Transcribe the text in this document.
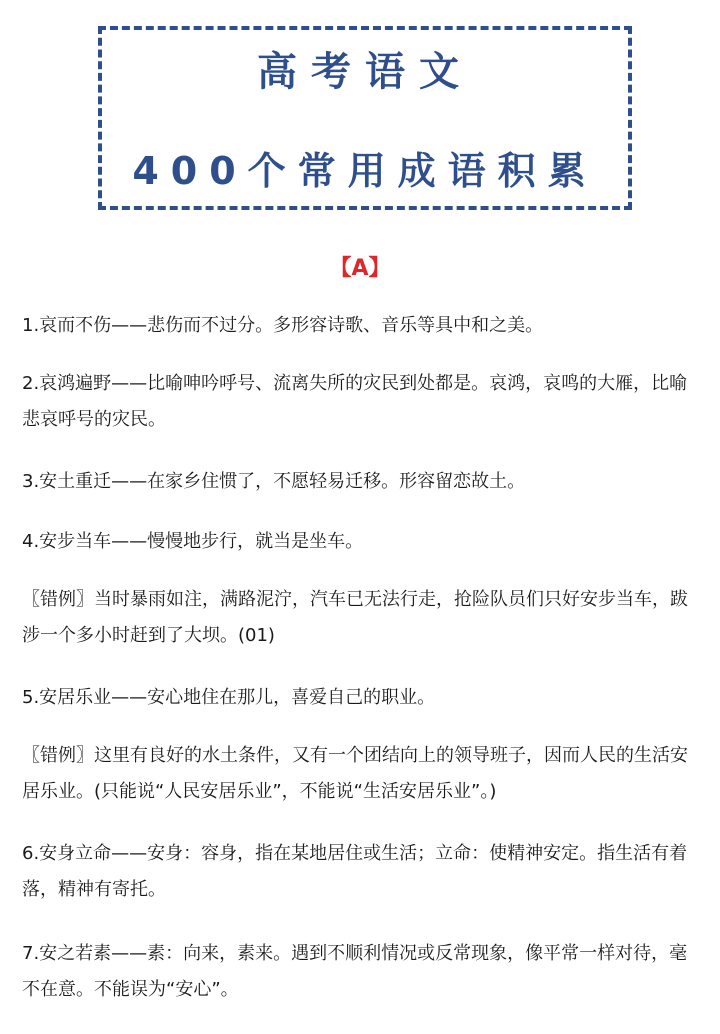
高考语文
400个常用成语积累
【A】

1.哀而不伤——悲伤而不过分。多形容诗歌、音乐等具中和之美。

2.哀鸿遍野——比喻呻吟呼号、流离失所的灾民到处都是。哀鸿，哀鸣的大雁，比喻悲哀呼号的灾民。

3.安土重迁——在家乡住惯了，不愿轻易迁移。形容留恋故土。

4.安步当车——慢慢地步行，就当是坐车。

〖错例〗当时暴雨如注，满路泥泞，汽车已无法行走，抢险队员们只好安步当车，跋涉一个多小时赶到了大坝。(01)

5.安居乐业——安心地住在那儿，喜爱自己的职业。

〖错例〗这里有良好的水土条件，又有一个团结向上的领导班子，因而人民的生活安居乐业。(只能说“人民安居乐业”，不能说“生活安居乐业”。)

6.安身立命——安身：容身，指在某地居住或生活；立命：使精神安定。指生活有着落，精神有寄托。

7.安之若素——素：向来，素来。遇到不顺利情况或反常现象，像平常一样对待，毫不在意。不能误为“安心”。
